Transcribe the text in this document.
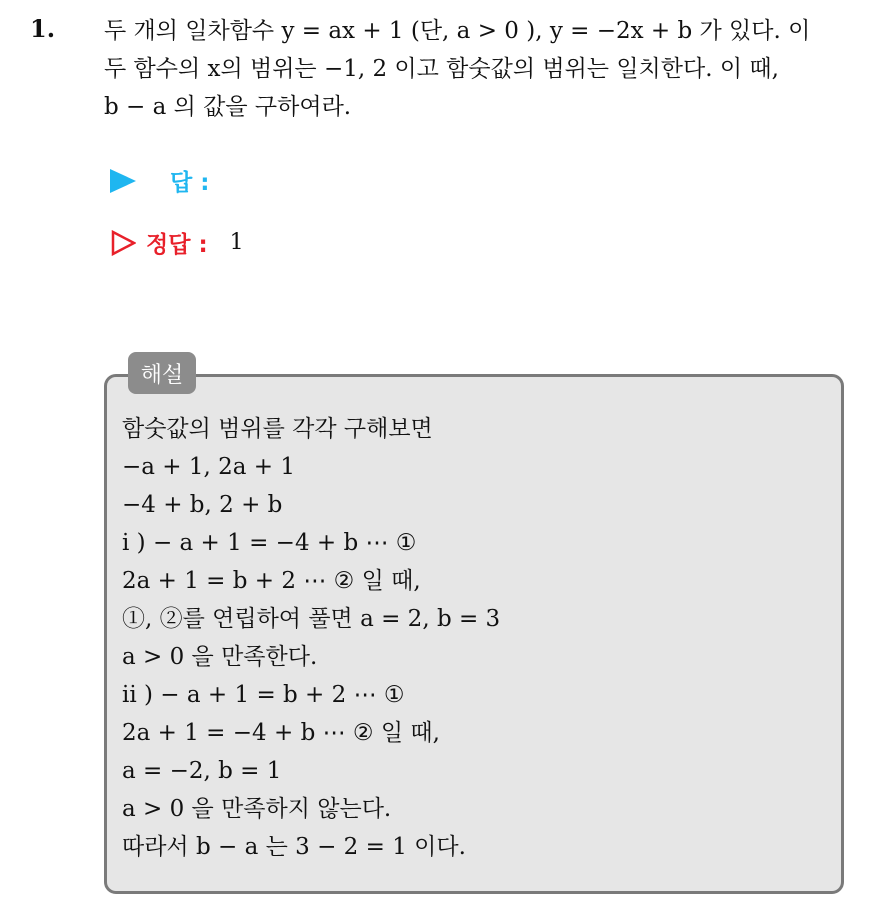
1. 두 개의 일차함수 y = ax + 1 (단, a > 0 ), y = −2x + b 가 있다. 이
두 함수의 x의 범위는 −1, 2 이고 함숫값의 범위는 일치한다. 이 때,
b − a 의 값을 구하여라.
답 :
정답 : 1
해설
함숫값의 범위를 각각 구해보면
−a + 1, 2a + 1
−4 + b, 2 + b
i ) − a + 1 = −4 + b ⋯ ①
2a + 1 = b + 2 ⋯ ② 일 때,
①, ②를 연립하여 풀면 a = 2, b = 3
a > 0 을 만족한다.
ii ) − a + 1 = b + 2 ⋯ ①
2a + 1 = −4 + b ⋯ ② 일 때,
a = −2, b = 1
a > 0 을 만족하지 않는다.
따라서 b − a 는 3 − 2 = 1 이다.
